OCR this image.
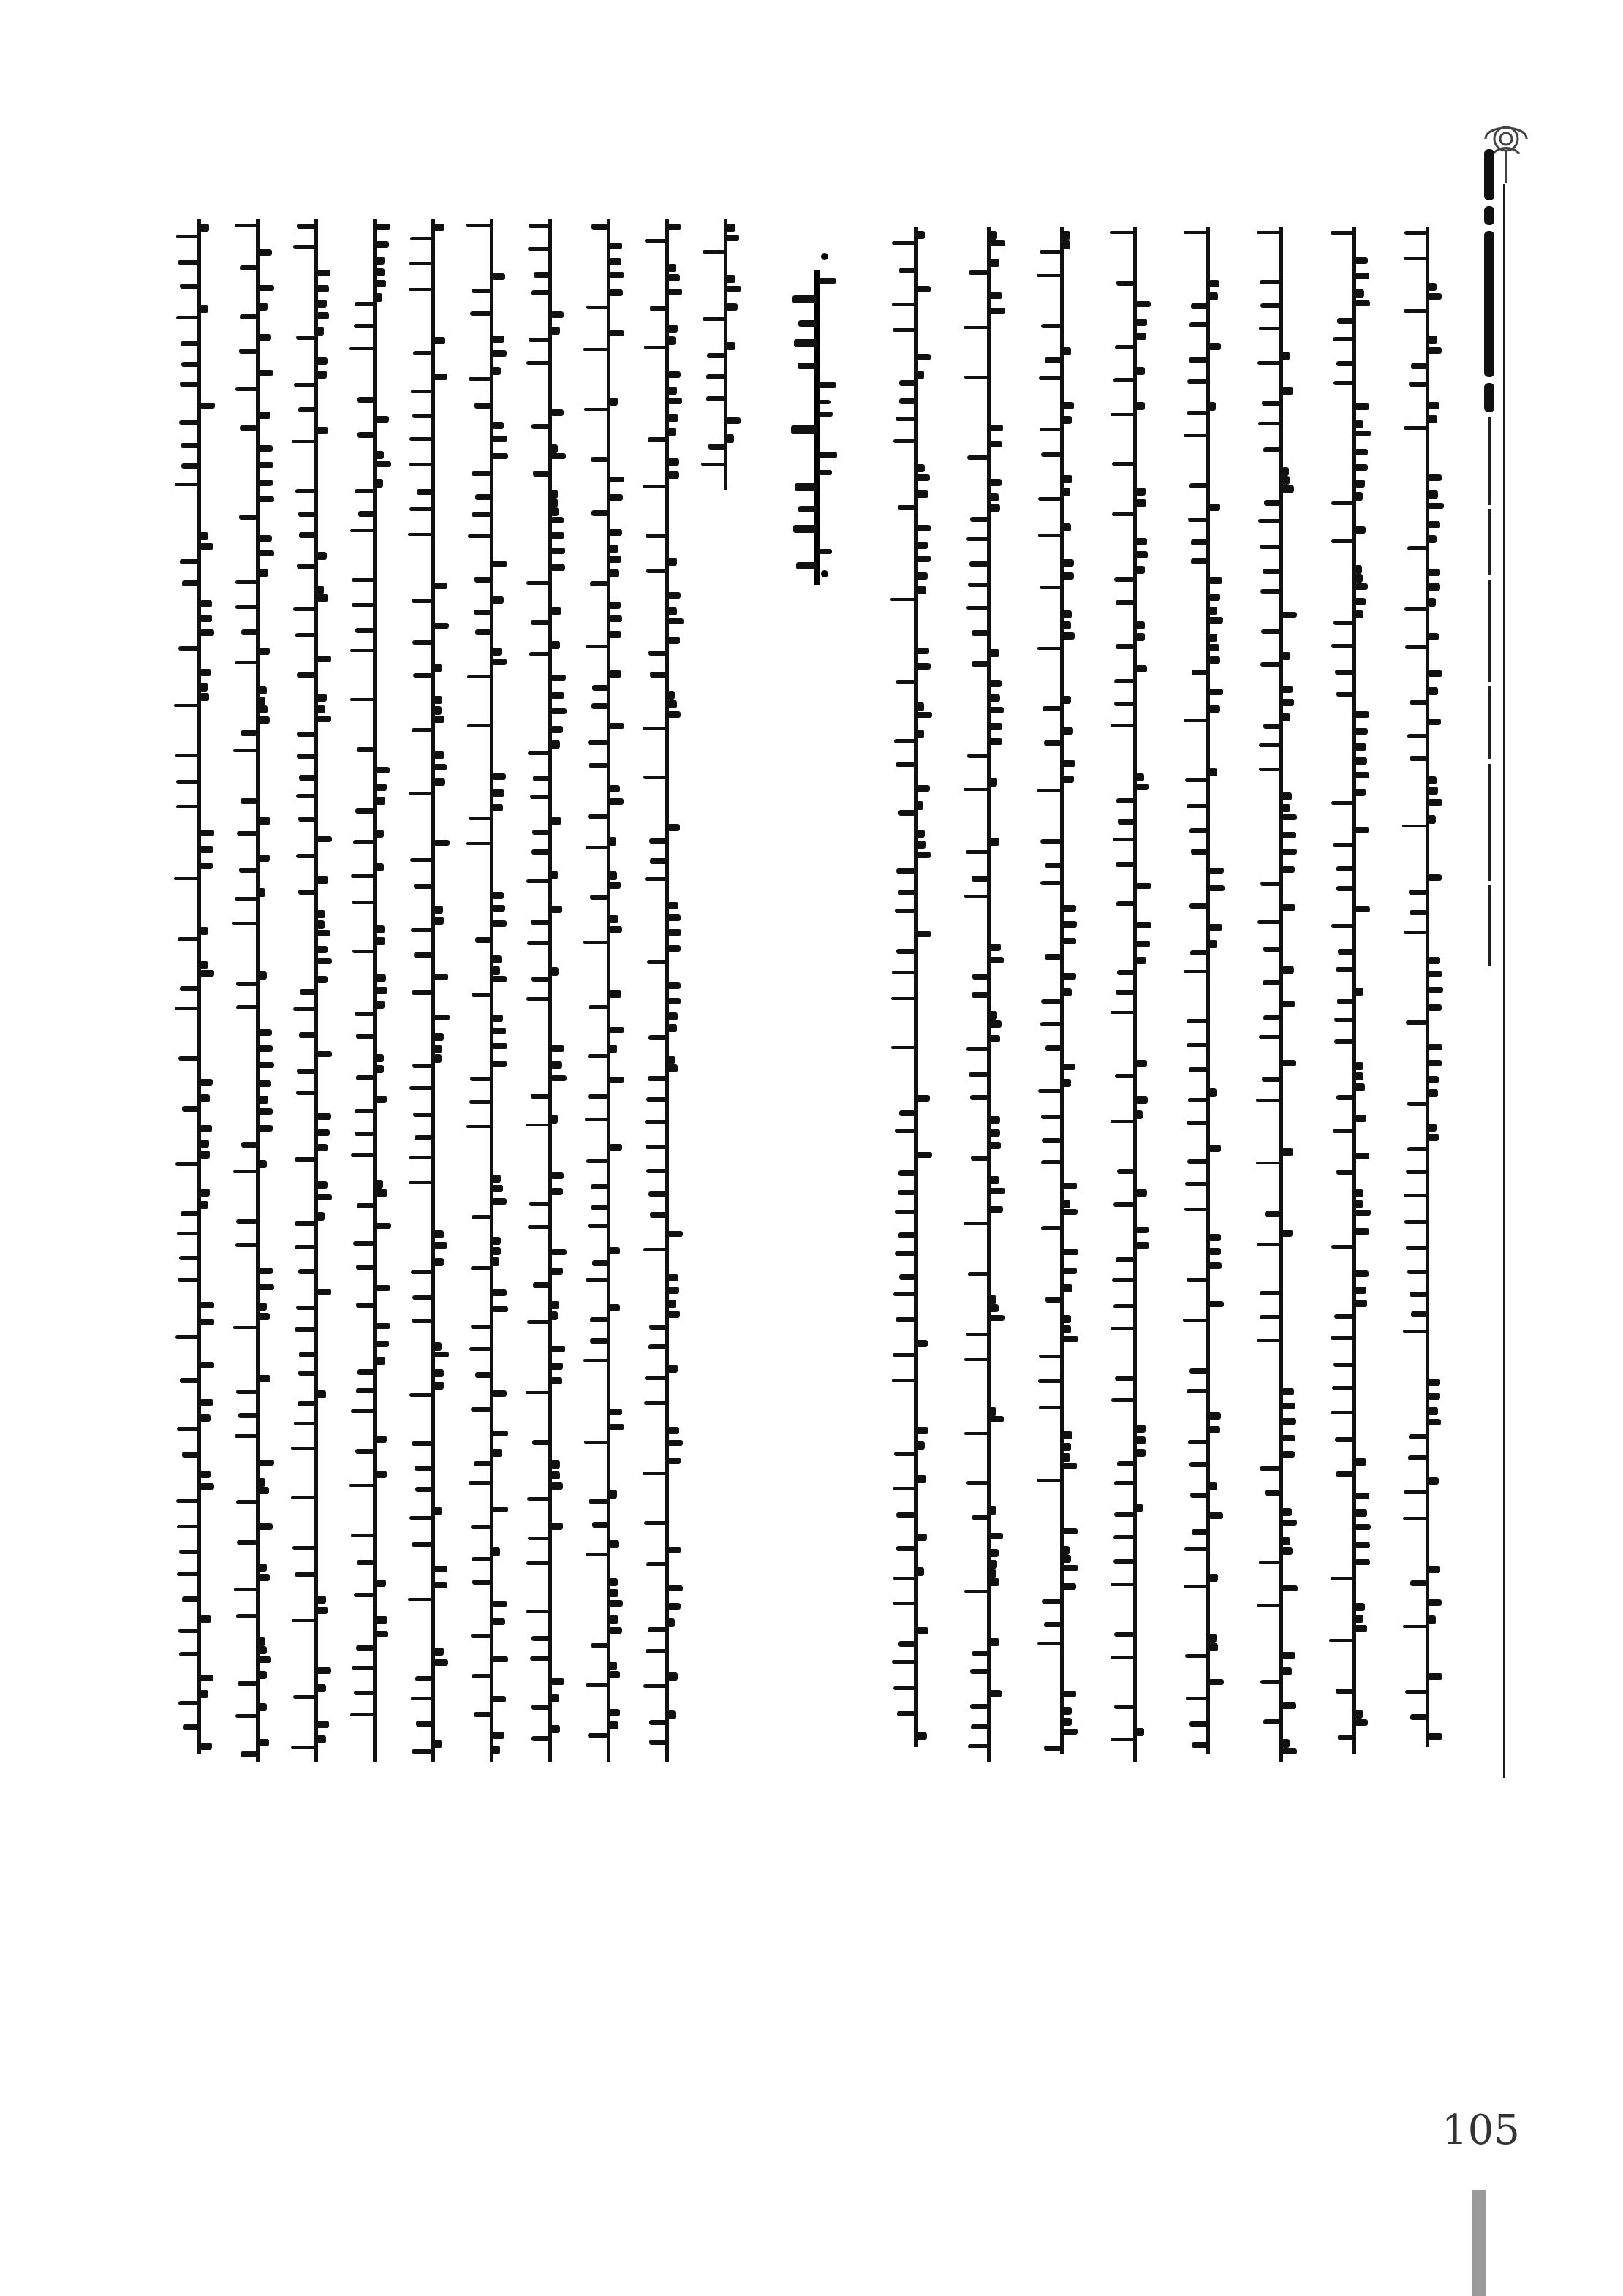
105
